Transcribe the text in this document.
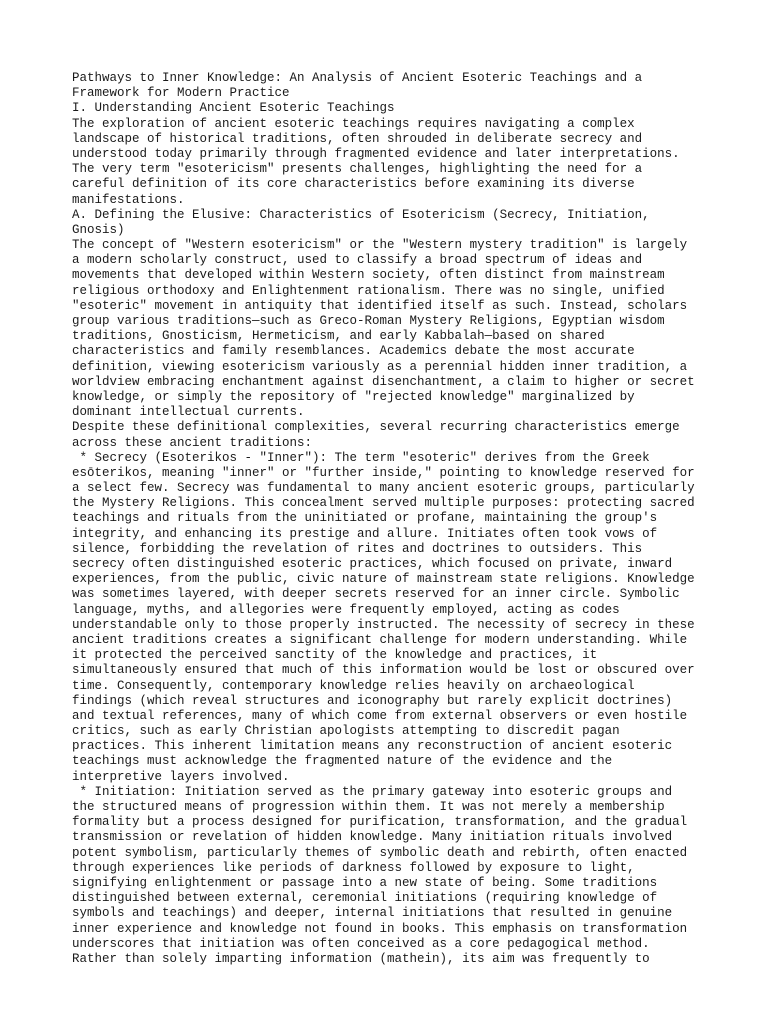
Pathways to Inner Knowledge: An Analysis of Ancient Esoteric Teachings and a
Framework for Modern Practice
I. Understanding Ancient Esoteric Teachings
The exploration of ancient esoteric teachings requires navigating a complex
landscape of historical traditions, often shrouded in deliberate secrecy and
understood today primarily through fragmented evidence and later interpretations.
The very term "esotericism" presents challenges, highlighting the need for a
careful definition of its core characteristics before examining its diverse
manifestations.
A. Defining the Elusive: Characteristics of Esotericism (Secrecy, Initiation,
Gnosis)
The concept of "Western esotericism" or the "Western mystery tradition" is largely
a modern scholarly construct, used to classify a broad spectrum of ideas and
movements that developed within Western society, often distinct from mainstream
religious orthodoxy and Enlightenment rationalism. There was no single, unified
"esoteric" movement in antiquity that identified itself as such. Instead, scholars
group various traditions—such as Greco-Roman Mystery Religions, Egyptian wisdom
traditions, Gnosticism, Hermeticism, and early Kabbalah—based on shared
characteristics and family resemblances. Academics debate the most accurate
definition, viewing esotericism variously as a perennial hidden inner tradition, a
worldview embracing enchantment against disenchantment, a claim to higher or secret
knowledge, or simply the repository of "rejected knowledge" marginalized by
dominant intellectual currents.
Despite these definitional complexities, several recurring characteristics emerge
across these ancient traditions:
* Secrecy (Esoterikos - "Inner"): The term "esoteric" derives from the Greek
esōterikos, meaning "inner" or "further inside," pointing to knowledge reserved for
a select few. Secrecy was fundamental to many ancient esoteric groups, particularly
the Mystery Religions. This concealment served multiple purposes: protecting sacred
teachings and rituals from the uninitiated or profane, maintaining the group's
integrity, and enhancing its prestige and allure. Initiates often took vows of
silence, forbidding the revelation of rites and doctrines to outsiders. This
secrecy often distinguished esoteric practices, which focused on private, inward
experiences, from the public, civic nature of mainstream state religions. Knowledge
was sometimes layered, with deeper secrets reserved for an inner circle. Symbolic
language, myths, and allegories were frequently employed, acting as codes
understandable only to those properly instructed. The necessity of secrecy in these
ancient traditions creates a significant challenge for modern understanding. While
it protected the perceived sanctity of the knowledge and practices, it
simultaneously ensured that much of this information would be lost or obscured over
time. Consequently, contemporary knowledge relies heavily on archaeological
findings (which reveal structures and iconography but rarely explicit doctrines)
and textual references, many of which come from external observers or even hostile
critics, such as early Christian apologists attempting to discredit pagan
practices. This inherent limitation means any reconstruction of ancient esoteric
teachings must acknowledge the fragmented nature of the evidence and the
interpretive layers involved.
* Initiation: Initiation served as the primary gateway into esoteric groups and
the structured means of progression within them. It was not merely a membership
formality but a process designed for purification, transformation, and the gradual
transmission or revelation of hidden knowledge. Many initiation rituals involved
potent symbolism, particularly themes of symbolic death and rebirth, often enacted
through experiences like periods of darkness followed by exposure to light,
signifying enlightenment or passage into a new state of being. Some traditions
distinguished between external, ceremonial initiations (requiring knowledge of
symbols and teachings) and deeper, internal initiations that resulted in genuine
inner experience and knowledge not found in books. This emphasis on transformation
underscores that initiation was often conceived as a core pedagogical method.
Rather than solely imparting information (mathein), its aim was frequently to
